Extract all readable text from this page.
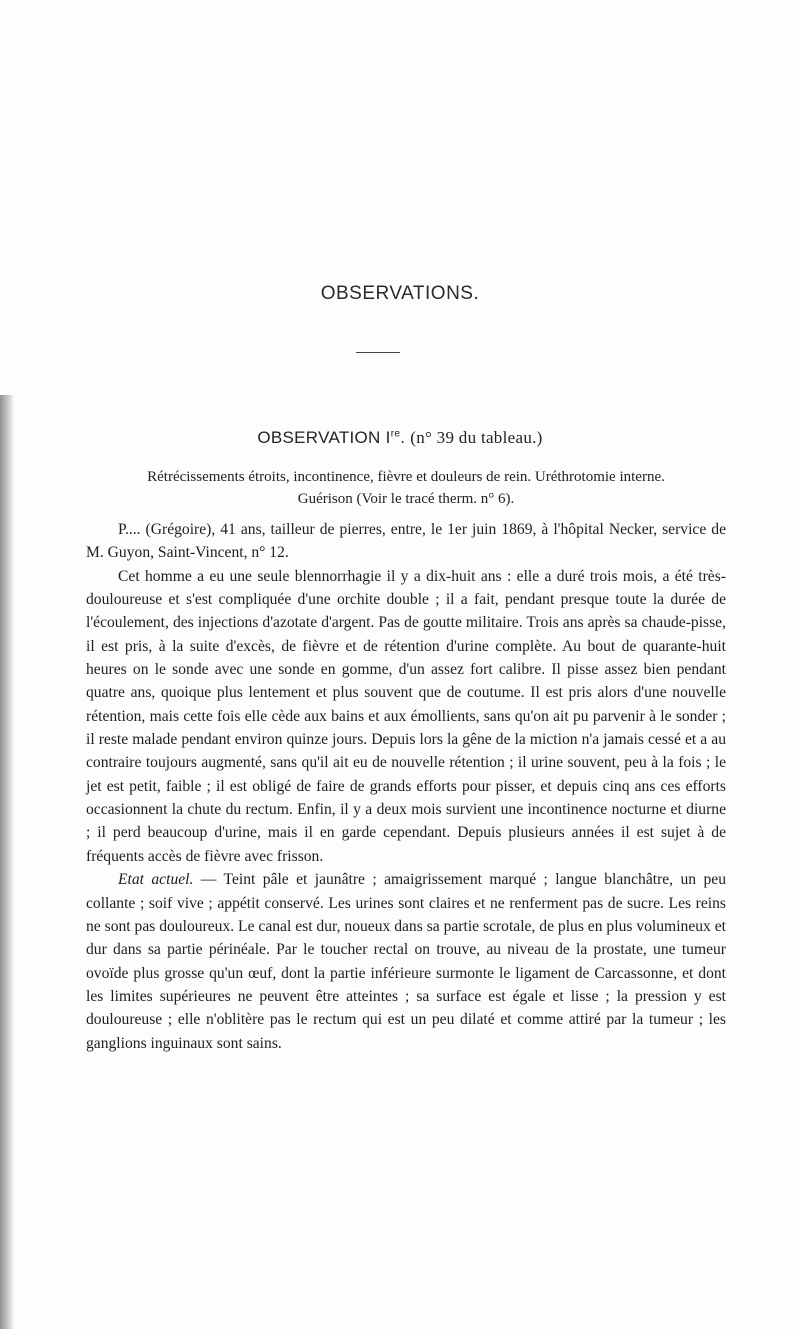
OBSERVATIONS.
OBSERVATION Ire. (n° 39 du tableau.)
Rétrécissements étroits, incontinence, fièvre et douleurs de rein. Uréthrotomie interne.
Guérison (Voir le tracé therm. n° 6).

P.... (Grégoire), 41 ans, tailleur de pierres, entre, le 1er juin 1869, à l'hôpital Necker, service de M. Guyon, Saint-Vincent, n° 12.

Cet homme a eu une seule blennorrhagie il y a dix-huit ans : elle a duré trois mois, a été très-douloureuse et s'est compliquée d'une orchite double ; il a fait, pendant presque toute la durée de l'écoulement, des injections d'azotate d'argent. Pas de goutte militaire. Trois ans après sa chaude-pisse, il est pris, à la suite d'excès, de fièvre et de rétention d'urine complète. Au bout de quarante-huit heures on le sonde avec une sonde en gomme, d'un assez fort calibre. Il pisse assez bien pendant quatre ans, quoique plus lentement et plus souvent que de coutume. Il est pris alors d'une nouvelle rétention, mais cette fois elle cède aux bains et aux émollients, sans qu'on ait pu parvenir à le sonder ; il reste malade pendant environ quinze jours. Depuis lors la gêne de la miction n'a jamais cessé et a au contraire toujours augmenté, sans qu'il ait eu de nouvelle rétention ; il urine souvent, peu à la fois ; le jet est petit, faible ; il est obligé de faire de grands efforts pour pisser, et depuis cinq ans ces efforts occasionnent la chute du rectum. Enfin, il y a deux mois survient une incontinence nocturne et diurne ; il perd beaucoup d'urine, mais il en garde cependant. Depuis plusieurs années il est sujet à de fréquents accès de fièvre avec frisson.

Etat actuel. — Teint pâle et jaunâtre ; amaigrissement marqué ; langue blanchâtre, un peu collante ; soif vive ; appétit conservé. Les urines sont claires et ne renferment pas de sucre. Les reins ne sont pas douloureux. Le canal est dur, noueux dans sa partie scrotale, de plus en plus volumineux et dur dans sa partie périnéale. Par le toucher rectal on trouve, au niveau de la prostate, une tumeur ovoïde plus grosse qu'un œuf, dont la partie inférieure surmonte le ligament de Carcassonne, et dont les limites supérieures ne peuvent être atteintes ; sa surface est égale et lisse ; la pression y est douloureuse ; elle n'oblitère pas le rectum qui est un peu dilaté et comme attiré par la tumeur ; les ganglions inguinaux sont sains.
